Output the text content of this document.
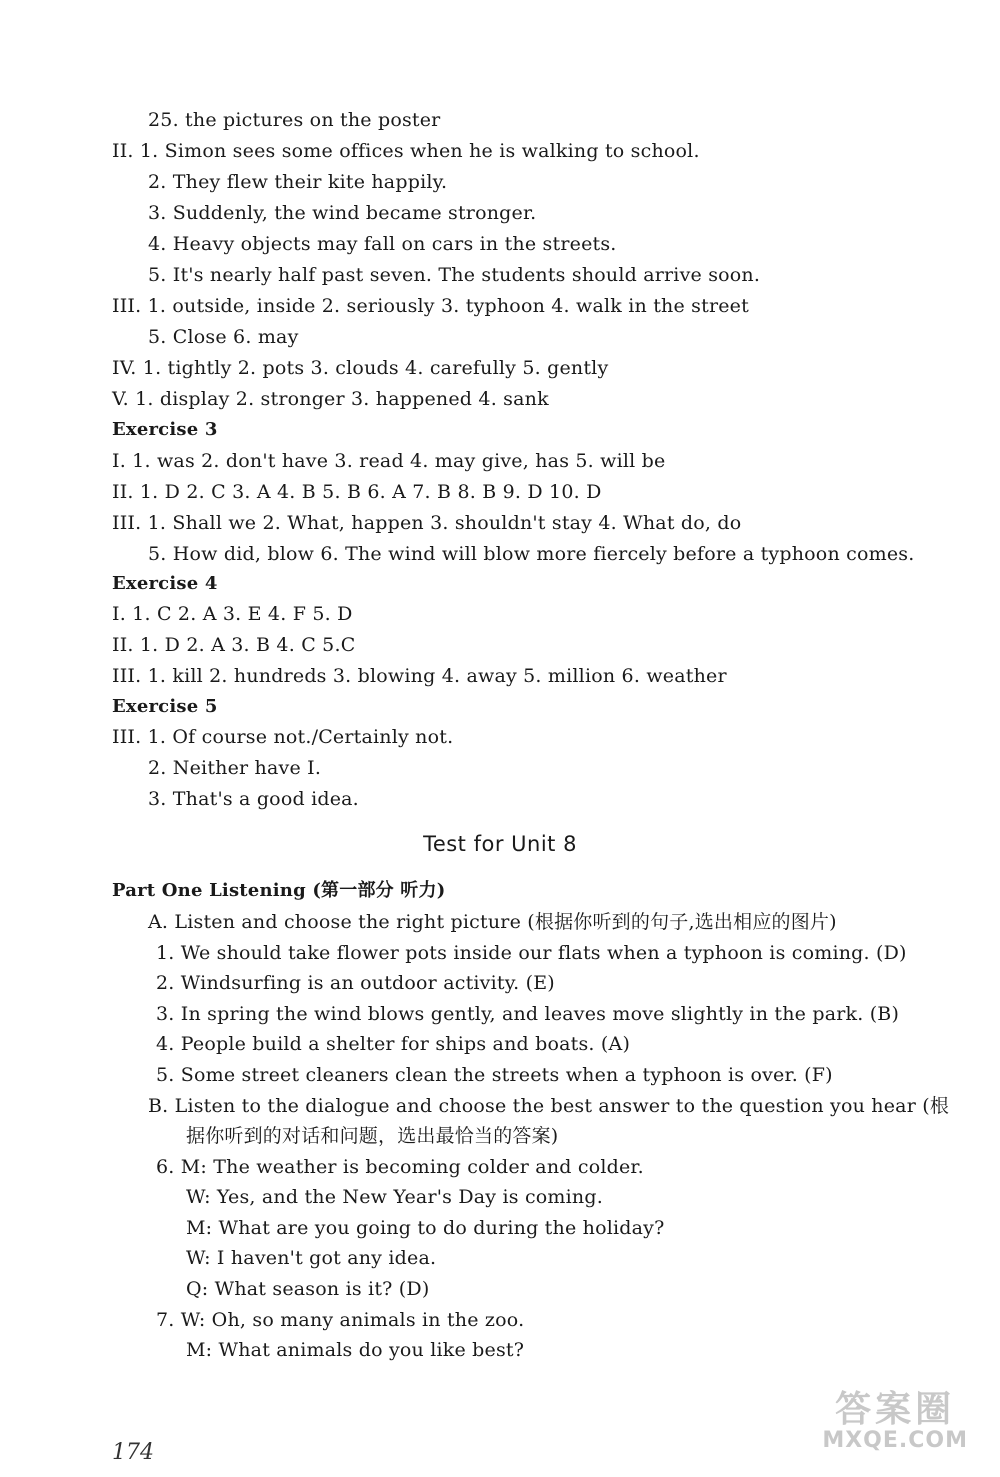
Test for Unit 8
174
答案圈
MXQE.COM
25. the pictures on the poster
II. 1. Simon sees some offices when he is walking to school.
2. They flew their kite happily.
3. Suddenly, the wind became stronger.
4. Heavy objects may fall on cars in the streets.
5. It's nearly half past seven. The students should arrive soon.
III. 1. outside, inside 2. seriously 3. typhoon 4. walk in the street
5. Close 6. may
IV. 1. tightly 2. pots 3. clouds 4. carefully 5. gently
V. 1. display 2. stronger 3. happened 4. sank
Exercise 3
I. 1. was 2. don't have 3. read 4. may give, has 5. will be
II. 1. D 2. C 3. A 4. B 5. B 6. A 7. B 8. B 9. D 10. D
III. 1. Shall we 2. What, happen 3. shouldn't stay 4. What do, do
5. How did, blow 6. The wind will blow more fiercely before a typhoon comes.
Exercise 4
I. 1. C 2. A 3. E 4. F 5. D
II. 1. D 2. A 3. B 4. C 5.C
III. 1. kill 2. hundreds 3. blowing 4. away 5. million 6. weather
Exercise 5
III. 1. Of course not./Certainly not.
2. Neither have I.
3. That's a good idea.
Part One Listening (第一部分 听力)
A. Listen and choose the right picture (根据你听到的句子,选出相应的图片)
1. We should take flower pots inside our flats when a typhoon is coming. (D)
2. Windsurfing is an outdoor activity. (E)
3. In spring the wind blows gently, and leaves move slightly in the park. (B)
4. People build a shelter for ships and boats. (A)
5. Some street cleaners clean the streets when a typhoon is over. (F)
B. Listen to the dialogue and choose the best answer to the question you hear (根
据你听到的对话和问题，选出最恰当的答案)
6. M: The weather is becoming colder and colder.
W: Yes, and the New Year's Day is coming.
M: What are you going to do during the holiday?
W: I haven't got any idea.
Q: What season is it? (D)
7. W: Oh, so many animals in the zoo.
M: What animals do you like best?
